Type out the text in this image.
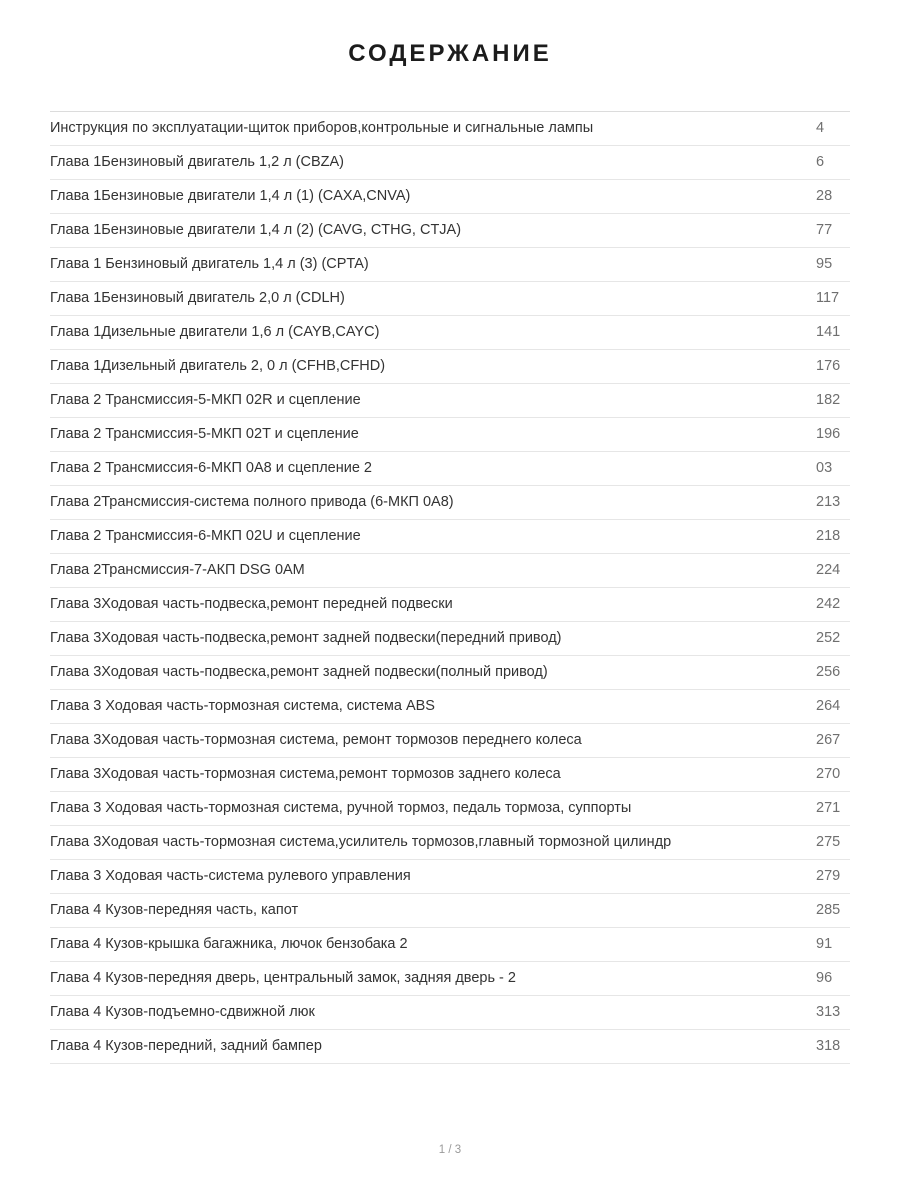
СОДЕРЖАНИЕ
Инструкция по эксплуатации-щиток приборов,контрольные и сигнальные лампы	4
Глава 1Бензиновый двигатель 1,2 л (CBZA)	6
Глава 1Бензиновые двигатели 1,4 л (1) (CAXA,CNVA)	28
Глава 1Бензиновые двигатели 1,4 л (2) (CAVG, CTHG, CTJA)	77
Глава 1 Бензиновый двигатель 1,4 л (3) (CPTA)	95
Глава 1Бензиновый двигатель 2,0 л (CDLH)	117
Глава 1Дизельные двигатели 1,6 л (CAYB,CAYC)	141
Глава 1Дизельный двигатель 2, 0 л (CFHB,CFHD)	176
Глава 2 Трансмиссия-5-МКП 02R и сцепление	182
Глава 2 Трансмиссия-5-МКП 02T и сцепление	196
Глава 2 Трансмиссия-6-МКП 0A8 и сцепление 2	03
Глава 2Трансмиссия-система полного привода (6-МКП 0A8)	213
Глава 2 Трансмиссия-6-МКП 02U и сцепление	218
Глава 2Трансмиссия-7-АКП DSG 0AM	224
Глава 3Ходовая часть-подвеска,ремонт передней подвески	242
Глава 3Ходовая часть-подвеска,ремонт задней подвески(передний привод)	252
Глава 3Ходовая часть-подвеска,ремонт задней подвески(полный привод)	256
Глава 3 Ходовая часть-тормозная система, система ABS	264
Глава 3Ходовая часть-тормозная система, ремонт тормозов переднего колеса	267
Глава 3Ходовая часть-тормозная система,ремонт тормозов заднего колеса	270
Глава 3 Ходовая часть-тормозная система, ручной тормоз, педаль тормоза, суппорты	271
Глава 3Ходовая часть-тормозная система,усилитель тормозов,главный тормозной цилиндр	275
Глава 3 Ходовая часть-система рулевого управления	279
Глава 4 Кузов-передняя часть, капот	285
Глава 4 Кузов-крышка багажника, лючок бензобака 2	91
Глава 4 Кузов-передняя дверь, центральный замок, задняя дверь - 2	96
Глава 4 Кузов-подъемно-сдвижной люк	313
Глава 4 Кузов-передний, задний бампер	318
1 / 3
